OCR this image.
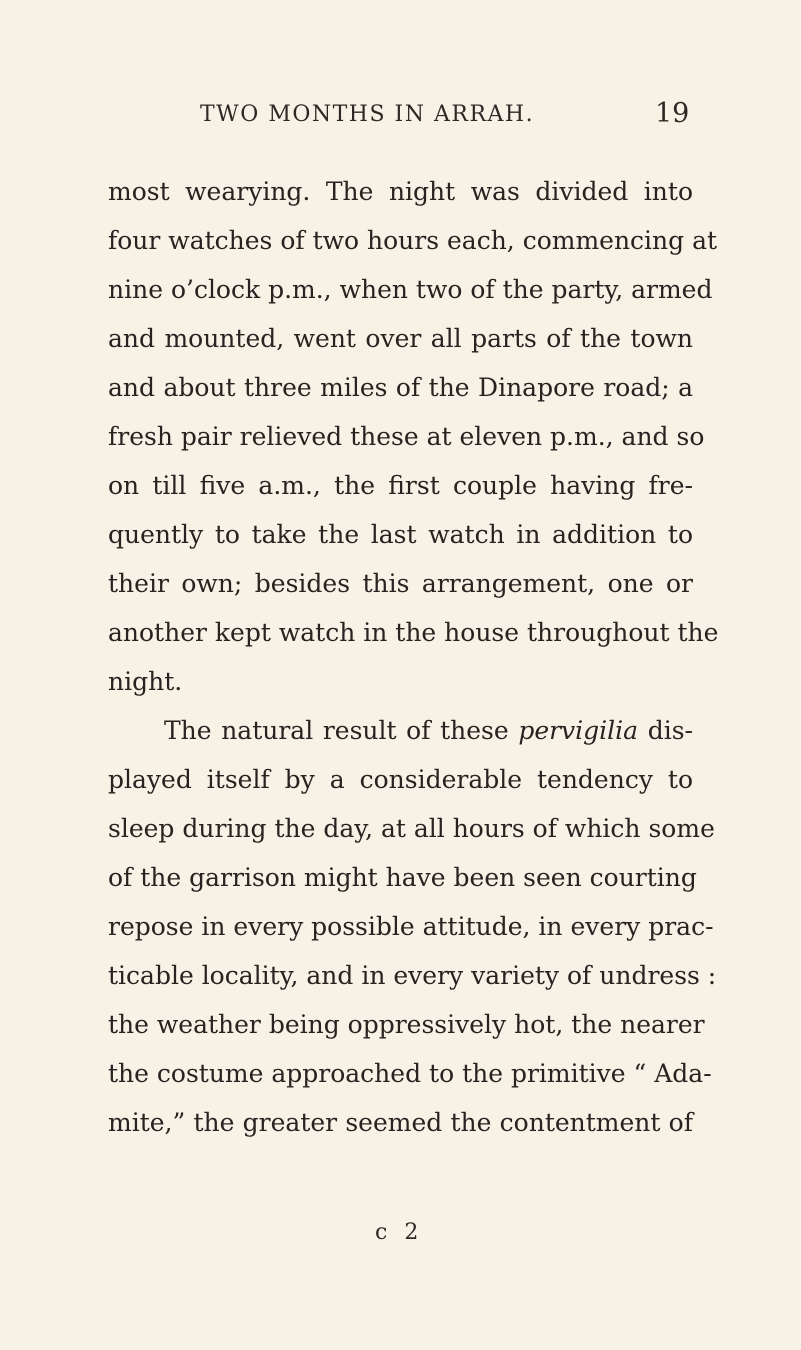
TWO MONTHS IN ARRAH.	19
most wearying. The night was divided into
four watches of two hours each, commencing at
nine o’clock p.m., when two of the party, armed
and mounted, went over all parts of the town
and about three miles of the Dinapore road; a
fresh pair relieved these at eleven p.m., and so
on till five a.m., the first couple having fre-
quently to take the last watch in addition to
their own; besides this arrangement, one or
another kept watch in the house throughout the
night.
The natural result of these pervigilia dis-
played itself by a considerable tendency to
sleep during the day, at all hours of which some
of the garrison might have been seen courting
repose in every possible attitude, in every prac-
ticable locality, and in every variety of undress :
the weather being oppressively hot, the nearer
the costume approached to the primitive “ Ada-
mite,” the greater seemed the contentment of
c 2
